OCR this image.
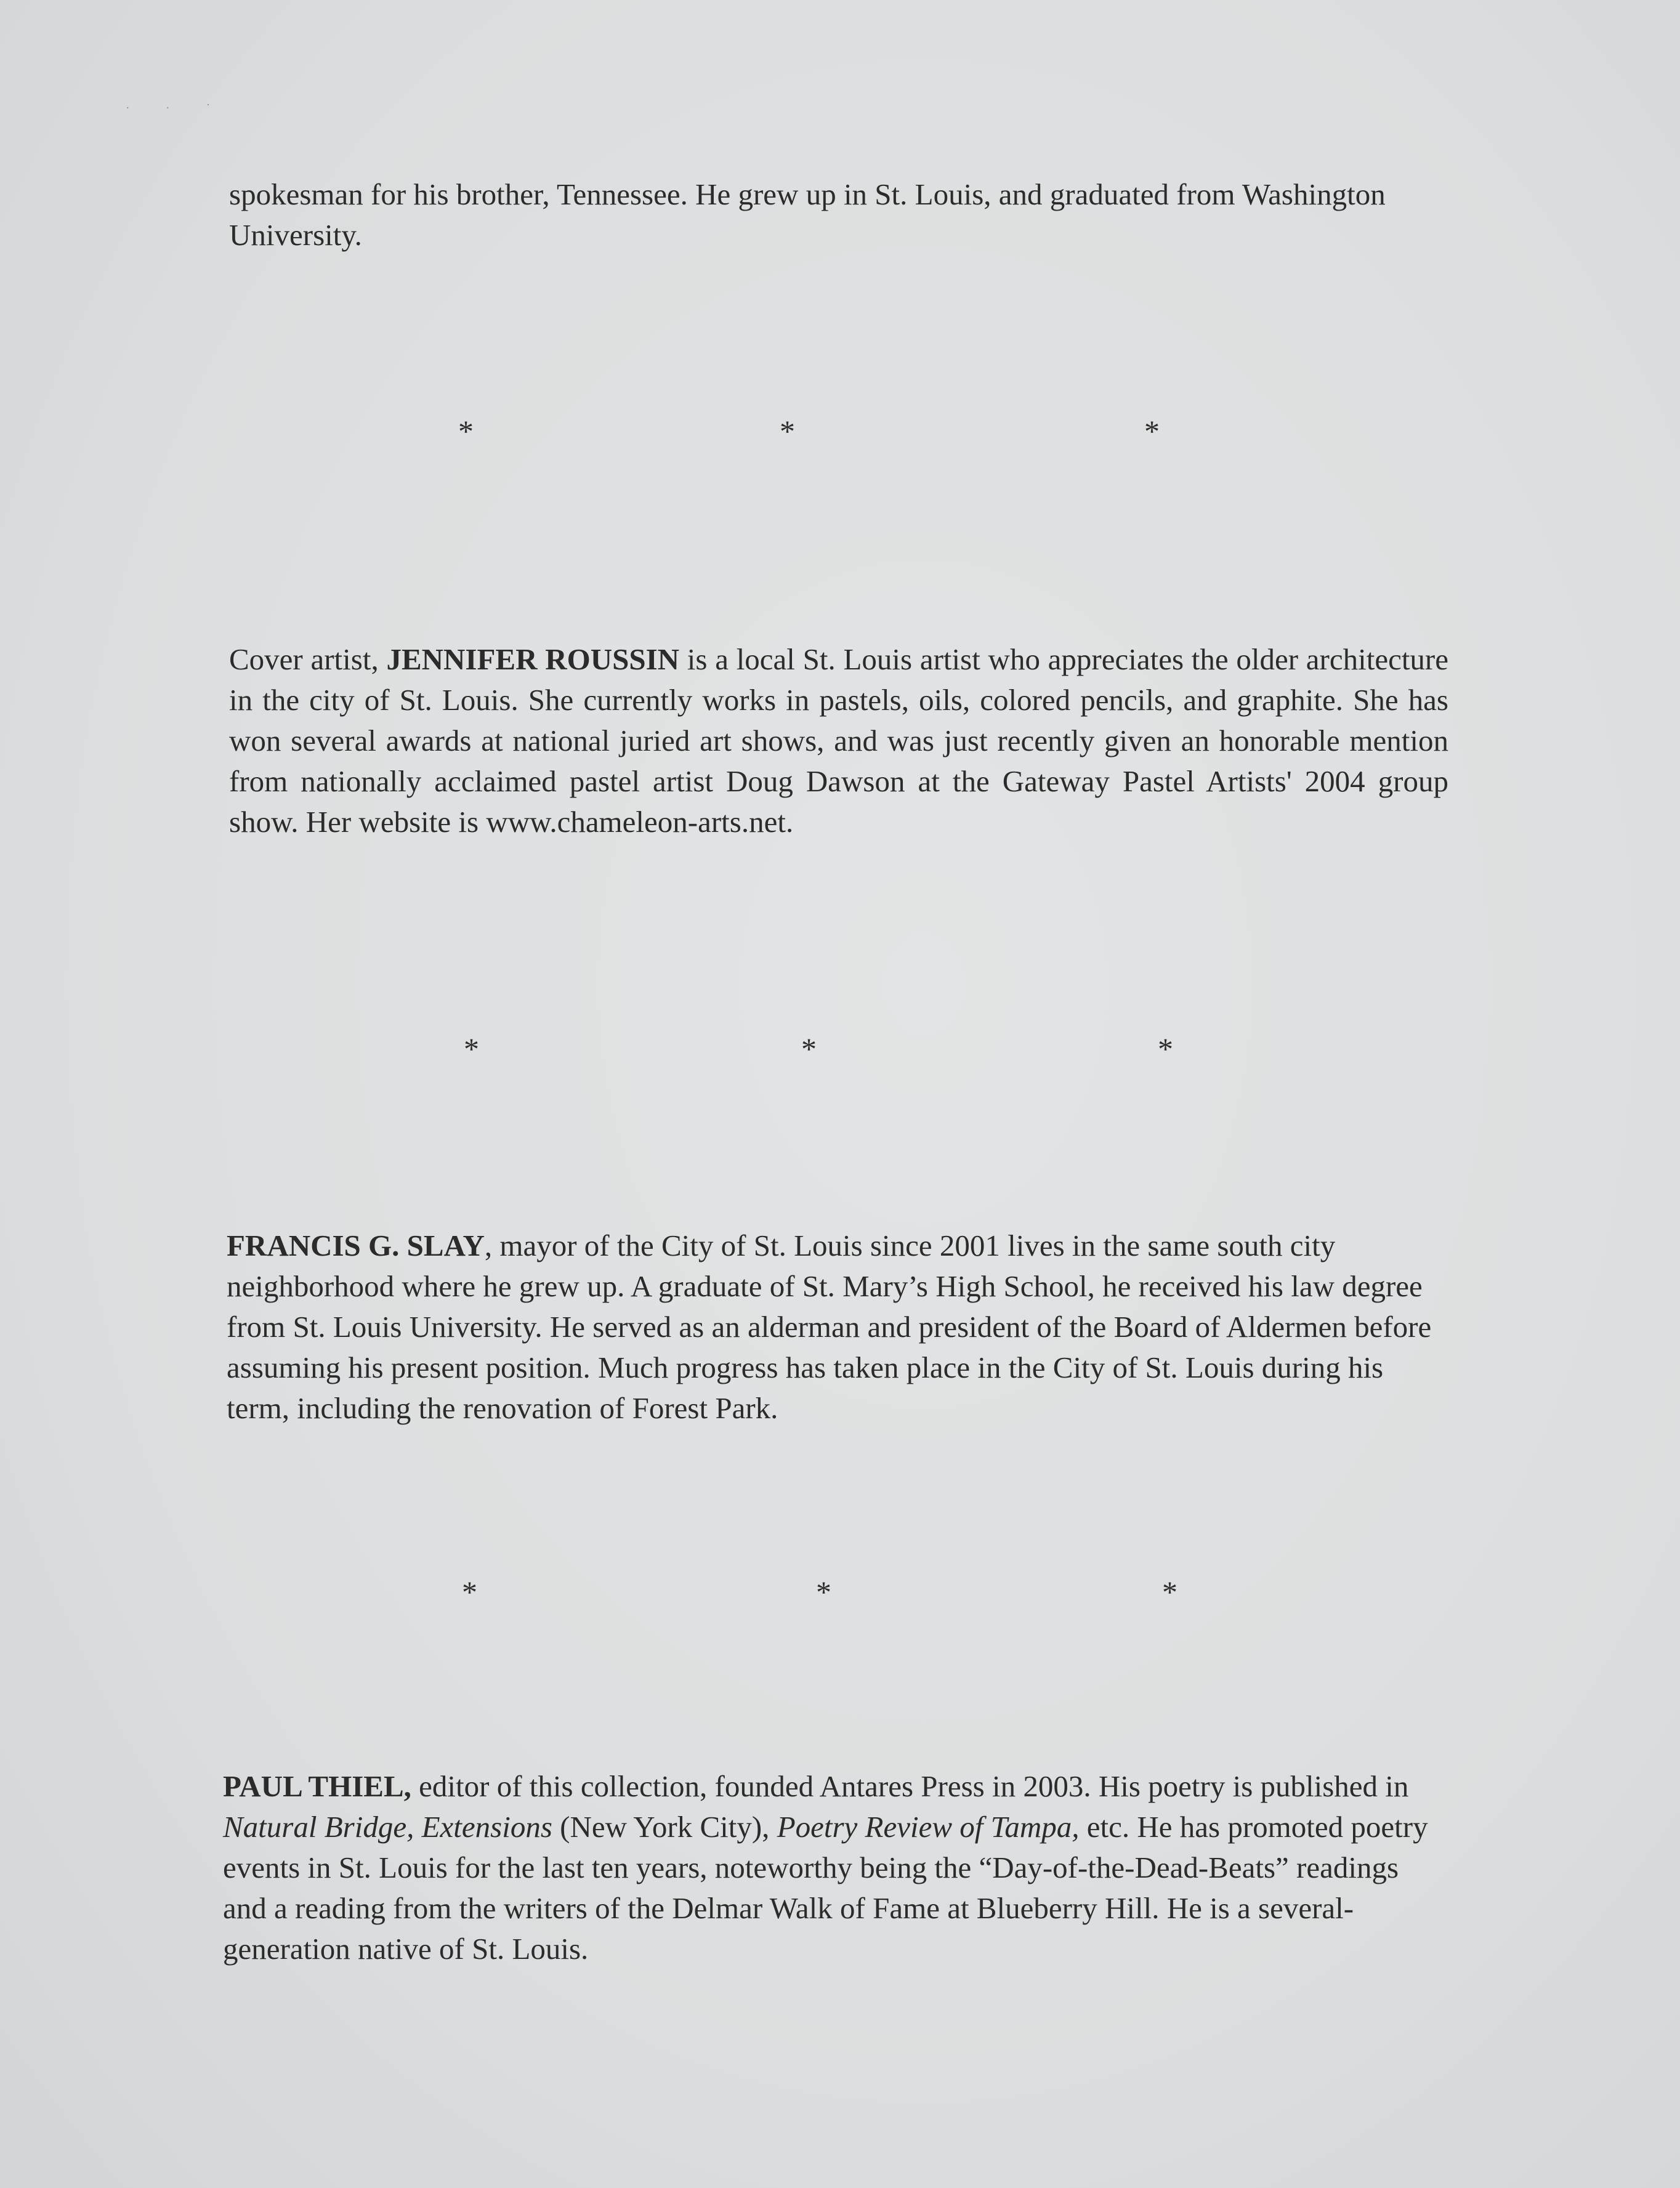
. . ·

spokesman for his brother, Tennessee. He grew up in St. Louis, and graduated from Washington University.

*	*	*

Cover artist, JENNIFER ROUSSIN is a local St. Louis artist who appreciates the older architecture in the city of St. Louis. She currently works in pastels, oils, colored pencils, and graphite. She has won several awards at national juried art shows, and was just recently given an honorable mention from nationally acclaimed pastel artist Doug Dawson at the Gateway Pastel Artists' 2004 group show. Her website is www.chameleon-arts.net.

*	*	*

FRANCIS G. SLAY, mayor of the City of St. Louis since 2001 lives in the same south city neighborhood where he grew up. A graduate of St. Mary’s High School, he received his law degree from St. Louis University. He served as an alderman and president of the Board of Aldermen before assuming his present position. Much progress has taken place in the City of St. Louis during his term, including the renovation of Forest Park.

*	*	*

PAUL THIEL, editor of this collection, founded Antares Press in 2003. His poetry is published in Natural Bridge, Extensions (New York City), Poetry Review of Tampa, etc. He has promoted poetry events in St. Louis for the last ten years, noteworthy being the “Day-of-the-Dead-Beats” readings and a reading from the writers of the Delmar Walk of Fame at Blueberry Hill. He is a several-generation native of St. Louis.
